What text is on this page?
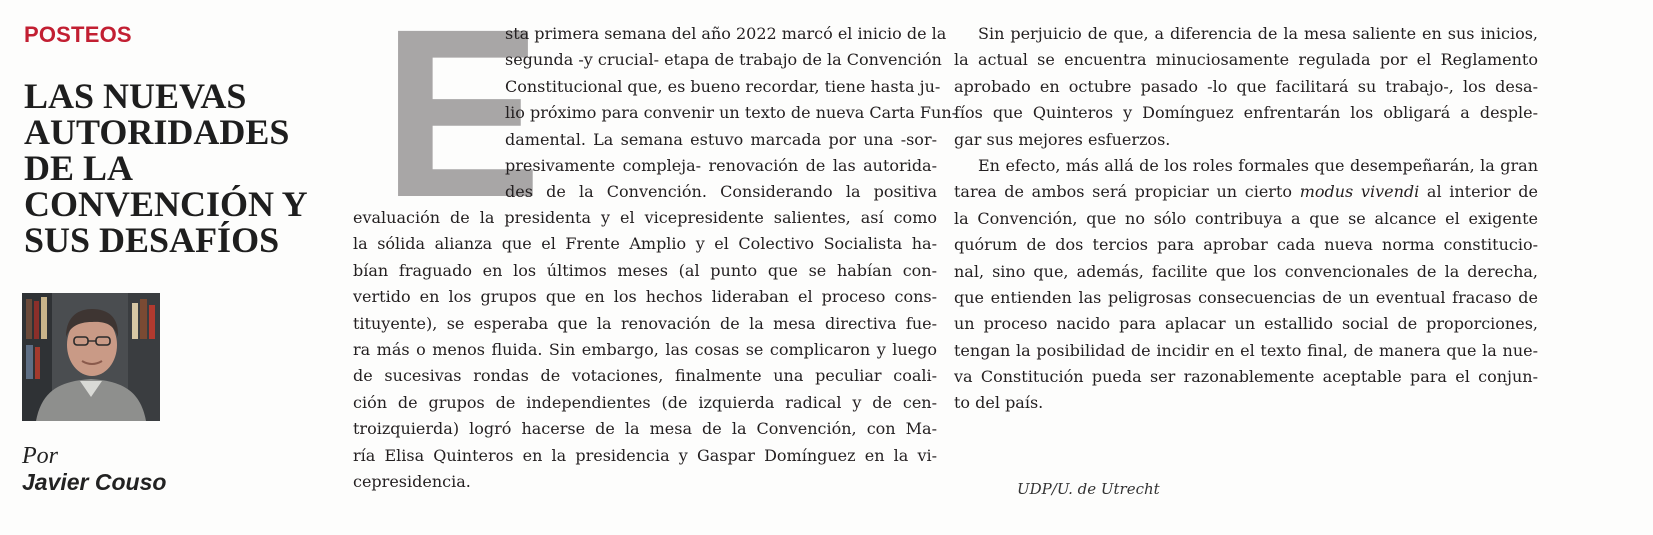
POSTEOS
LAS NUEVAS
AUTORIDADES
DE LA
CONVENCIÓN Y
SUS DESAFÍOS
Por
Javier Couso
E
sta primera semana del año 2022 marcó el inicio de la
segunda -y crucial- etapa de trabajo de la Convención
Constitucional que, es bueno recordar, tiene hasta ju-
lio próximo para convenir un texto de nueva Carta Fun-
damental. La semana estuvo marcada por una -sor-
presivamente compleja- renovación de las autorida-
des de la Convención. Considerando la positiva
evaluación de la presidenta y el vicepresidente salientes, así como
la sólida alianza que el Frente Amplio y el Colectivo Socialista ha-
bían fraguado en los últimos meses (al punto que se habían con-
vertido en los grupos que en los hechos lideraban el proceso cons-
tituyente), se esperaba que la renovación de la mesa directiva fue-
ra más o menos fluida. Sin embargo, las cosas se complicaron y luego
de sucesivas rondas de votaciones, finalmente una peculiar coali-
ción de grupos de independientes (de izquierda radical y de cen-
troizquierda) logró hacerse de la mesa de la Convención, con Ma-
ría Elisa Quinteros en la presidencia y Gaspar Domínguez en la vi-
cepresidencia.
Sin perjuicio de que, a diferencia de la mesa saliente en sus inicios,
la actual se encuentra minuciosamente regulada por el Reglamento
aprobado en octubre pasado -lo que facilitará su trabajo-, los desa-
fíos que Quinteros y Domínguez enfrentarán los obligará a desple-
gar sus mejores esfuerzos.
En efecto, más allá de los roles formales que desempeñarán, la gran
tarea de ambos será propiciar un cierto modus vivendi al interior de
la Convención, que no sólo contribuya a que se alcance el exigente
quórum de dos tercios para aprobar cada nueva norma constitucio-
nal, sino que, además, facilite que los convencionales de la derecha,
que entienden las peligrosas consecuencias de un eventual fracaso de
un proceso nacido para aplacar un estallido social de proporciones,
tengan la posibilidad de incidir en el texto final, de manera que la nue-
va Constitución pueda ser razonablemente aceptable para el conjun-
to del país.
UDP/U. de Utrecht
